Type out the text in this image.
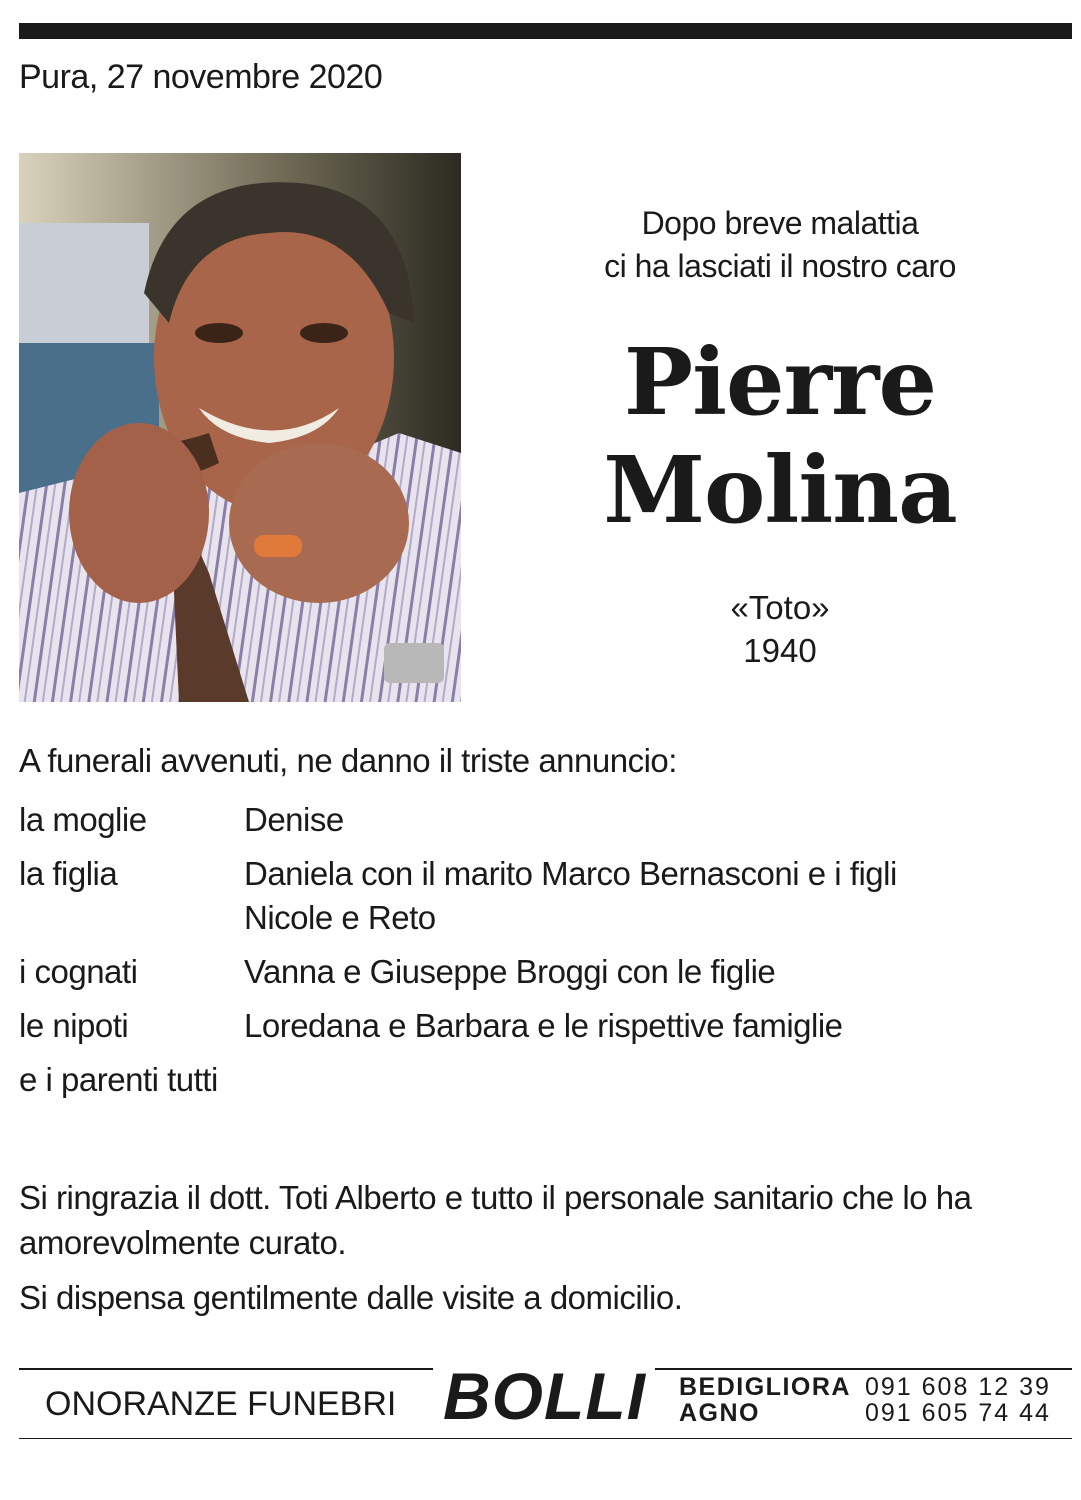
Pura, 27 novembre 2020
Dopo breve malattia
ci ha lasciati il nostro caro
Pierre
Molina
«Toto»
1940
A funerali avvenuti, ne danno il triste annuncio:
la moglie	Denise
la figlia	Daniela con il marito Marco Bernasconi e i figli
Nicole e Reto
i cognati	Vanna e Giuseppe Broggi con le figlie
le nipoti	Loredana e Barbara e le rispettive famiglie
e i parenti tutti
Si ringrazia il dott. Toti Alberto e tutto il personale sanitario che lo ha amorevolmente curato.
Si dispensa gentilmente dalle visite a domicilio.
ONORANZE FUNEBRI BOLLI BEDIGLIORA 091 608 12 39
AGNO	091 605 74 44
